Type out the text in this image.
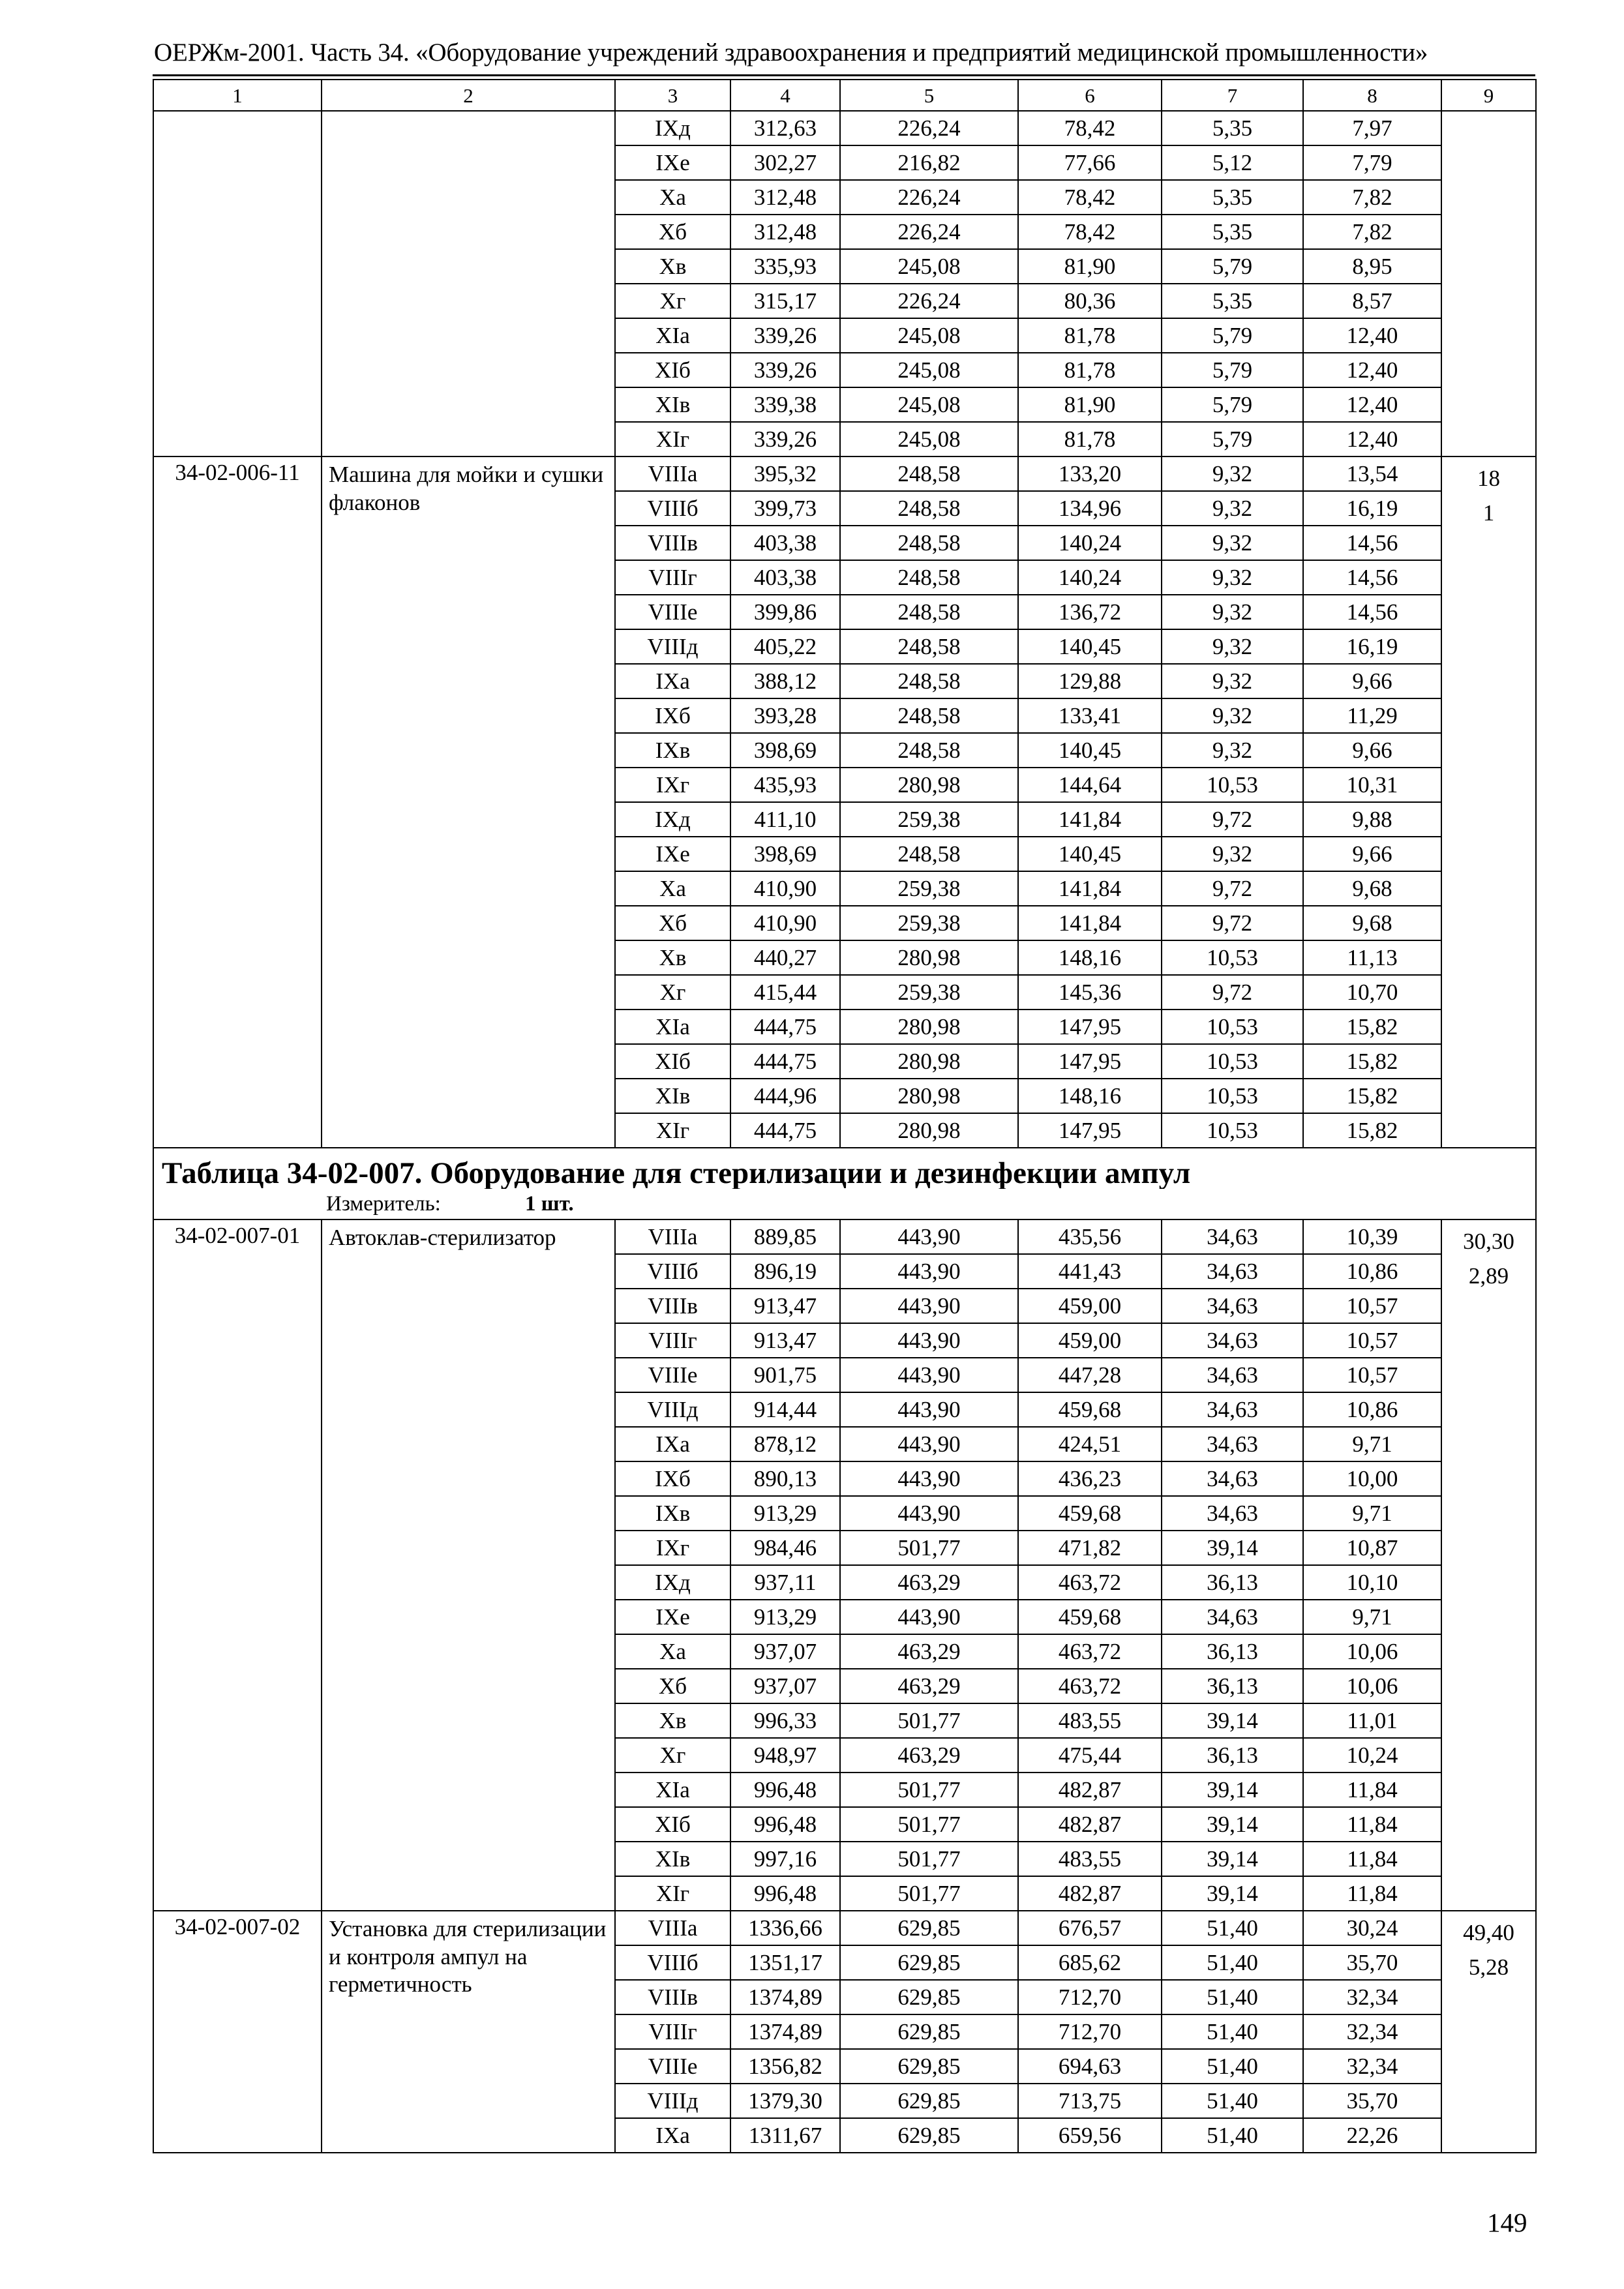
ОЕРЖм-2001. Часть 34. «Оборудование учреждений здравоохранения и предприятий медицинской промышленности»
1	2	3	4	5	6	7	8	9
		IXд	312,63	226,24	78,42	5,35	7,97	
		IXе	302,27	216,82	77,66	5,12	7,79	
		Xа	312,48	226,24	78,42	5,35	7,82	
		Xб	312,48	226,24	78,42	5,35	7,82	
		Xв	335,93	245,08	81,90	5,79	8,95	
		Xг	315,17	226,24	80,36	5,35	8,57	
		XIа	339,26	245,08	81,78	5,79	12,40	
		XIб	339,26	245,08	81,78	5,79	12,40	
		XIв	339,38	245,08	81,90	5,79	12,40	
		XIг	339,26	245,08	81,78	5,79	12,40	
34-02-006-11	Машина для мойки и сушки флаконов	VIIIа	395,32	248,58	133,20	9,32	13,54	18
1

		VIIIб	399,73	248,58	134,96	9,32	16,19	
		VIIIв	403,38	248,58	140,24	9,32	14,56	
		VIIIг	403,38	248,58	140,24	9,32	14,56	
		VIIIе	399,86	248,58	136,72	9,32	14,56	
		VIIIд	405,22	248,58	140,45	9,32	16,19	
		IXа	388,12	248,58	129,88	9,32	9,66	
		IXб	393,28	248,58	133,41	9,32	11,29	
		IXв	398,69	248,58	140,45	9,32	9,66	
		IXг	435,93	280,98	144,64	10,53	10,31	
		IXд	411,10	259,38	141,84	9,72	9,88	
		IXе	398,69	248,58	140,45	9,32	9,66	
		Xа	410,90	259,38	141,84	9,72	9,68	
		Xб	410,90	259,38	141,84	9,72	9,68	
		Xв	440,27	280,98	148,16	10,53	11,13	
		Xг	415,44	259,38	145,36	9,72	10,70	
		XIа	444,75	280,98	147,95	10,53	15,82	
		XIб	444,75	280,98	147,95	10,53	15,82	
		XIв	444,96	280,98	148,16	10,53	15,82	
		XIг	444,75	280,98	147,95	10,53	15,82	
Таблица 34-02-007. Оборудование для стерилизации и дезинфекции ампул								
Измеритель: 1 шт.								
34-02-007-01	Автоклав-стерилизатор	VIIIа	889,85	443,90	435,56	34,63	10,39	30,30
2,89

		VIIIб	896,19	443,90	441,43	34,63	10,86	
		VIIIв	913,47	443,90	459,00	34,63	10,57	
		VIIIг	913,47	443,90	459,00	34,63	10,57	
		VIIIе	901,75	443,90	447,28	34,63	10,57	
		VIIIд	914,44	443,90	459,68	34,63	10,86	
		IXа	878,12	443,90	424,51	34,63	9,71	
		IXб	890,13	443,90	436,23	34,63	10,00	
		IXв	913,29	443,90	459,68	34,63	9,71	
		IXг	984,46	501,77	471,82	39,14	10,87	
		IXд	937,11	463,29	463,72	36,13	10,10	
		IXе	913,29	443,90	459,68	34,63	9,71	
		Xа	937,07	463,29	463,72	36,13	10,06	
		Xб	937,07	463,29	463,72	36,13	10,06	
		Xв	996,33	501,77	483,55	39,14	11,01	
		Xг	948,97	463,29	475,44	36,13	10,24	
		XIа	996,48	501,77	482,87	39,14	11,84	
		XIб	996,48	501,77	482,87	39,14	11,84	
		XIв	997,16	501,77	483,55	39,14	11,84	
		XIг	996,48	501,77	482,87	39,14	11,84	
34-02-007-02	Установка для стерилизации и контроля ампул на герметичность	VIIIа	1336,66	629,85	676,57	51,40	30,24	49,40
5,28

		VIIIб	1351,17	629,85	685,62	51,40	35,70	
		VIIIв	1374,89	629,85	712,70	51,40	32,34	
		VIIIг	1374,89	629,85	712,70	51,40	32,34	
		VIIIе	1356,82	629,85	694,63	51,40	32,34	
		VIIIд	1379,30	629,85	713,75	51,40	35,70	
		IXа	1311,67	629,85	659,56	51,40	22,26	
149
